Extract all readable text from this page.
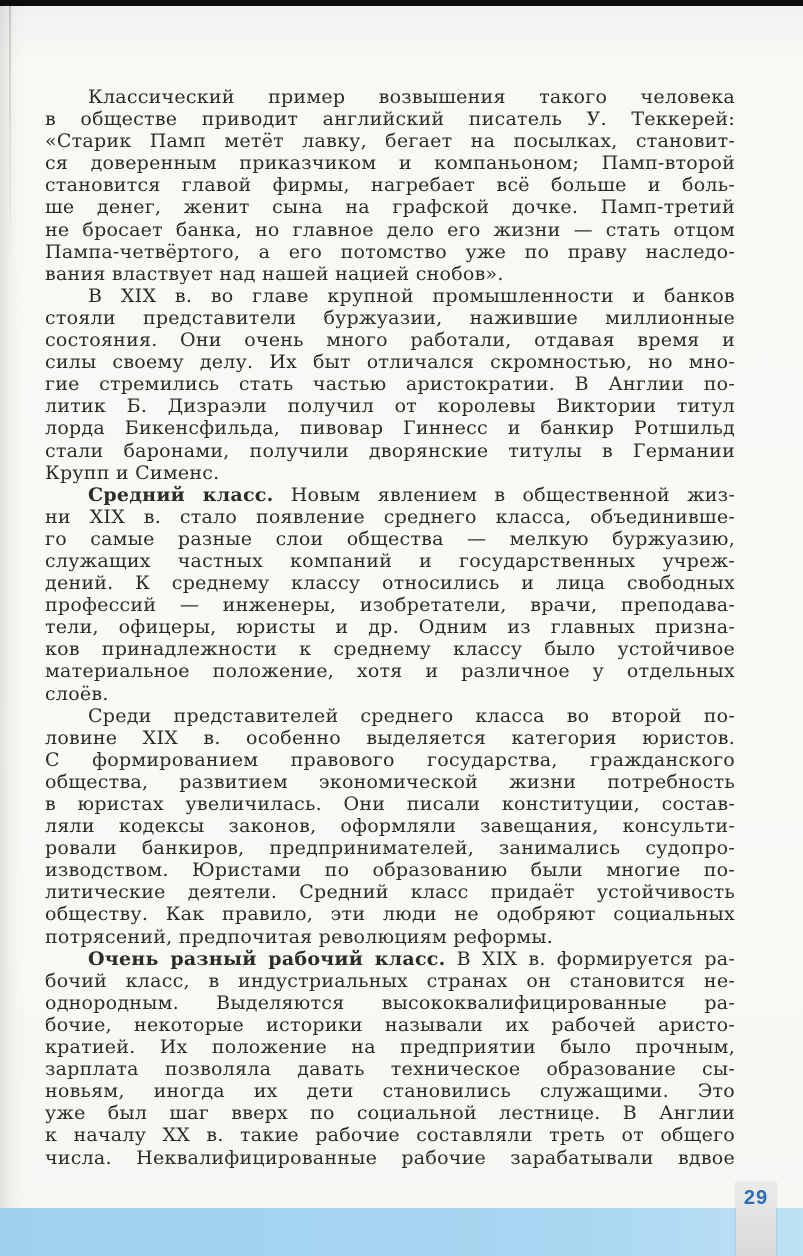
Классический пример возвышения такого человека
в обществе приводит английский писатель У. Теккерей:
«Старик Памп метёт лавку, бегает на посылках, становит-
ся доверенным приказчиком и компаньоном; Памп-второй
становится главой фирмы, нагребает всё больше и боль-
ше денег, женит сына на графской дочке. Памп-третий
не бросает банка, но главное дело его жизни — стать отцом
Пампа-четвёртого, а его потомство уже по праву наследо-
вания властвует над нашей нацией снобов».
В XIX в. во главе крупной промышленности и банков
стояли представители буржуазии, нажившие миллионные
состояния. Они очень много работали, отдавая время и
силы своему делу. Их быт отличался скромностью, но мно-
гие стремились стать частью аристократии. В Англии по-
литик Б. Дизраэли получил от королевы Виктории титул
лорда Бикенсфильда, пивовар Гиннесс и банкир Ротшильд
стали баронами, получили дворянские титулы в Германии
Крупп и Сименс.
Средний класс. Новым явлением в общественной жиз-
ни XIX в. стало появление среднего класса, объединивше-
го самые разные слои общества — мелкую буржуазию,
служащих частных компаний и государственных учреж-
дений. К среднему классу относились и лица свободных
профессий — инженеры, изобретатели, врачи, преподава-
тели, офицеры, юристы и др. Одним из главных призна-
ков принадлежности к среднему классу было устойчивое
материальное положение, хотя и различное у отдельных
слоёв.
Среди представителей среднего класса во второй по-
ловине XIX в. особенно выделяется категория юристов.
С формированием правового государства, гражданского
общества, развитием экономической жизни потребность
в юристах увеличилась. Они писали конституции, состав-
ляли кодексы законов, оформляли завещания, консульти-
ровали банкиров, предпринимателей, занимались судопро-
изводством. Юристами по образованию были многие по-
литические деятели. Средний класс придаёт устойчивость
обществу. Как правило, эти люди не одобряют социальных
потрясений, предпочитая революциям реформы.
Очень разный рабочий класс. В XIX в. формируется ра-
бочий класс, в индустриальных странах он становится не-
однородным. Выделяются высококвалифицированные ра-
бочие, некоторые историки называли их рабочей аристо-
кратией. Их положение на предприятии было прочным,
зарплата позволяла давать техническое образование сы-
новьям, иногда их дети становились служащими. Это
уже был шаг вверх по социальной лестнице. В Англии
к началу XX в. такие рабочие составляли треть от общего
числа. Неквалифицированные рабочие зарабатывали вдвое
29
